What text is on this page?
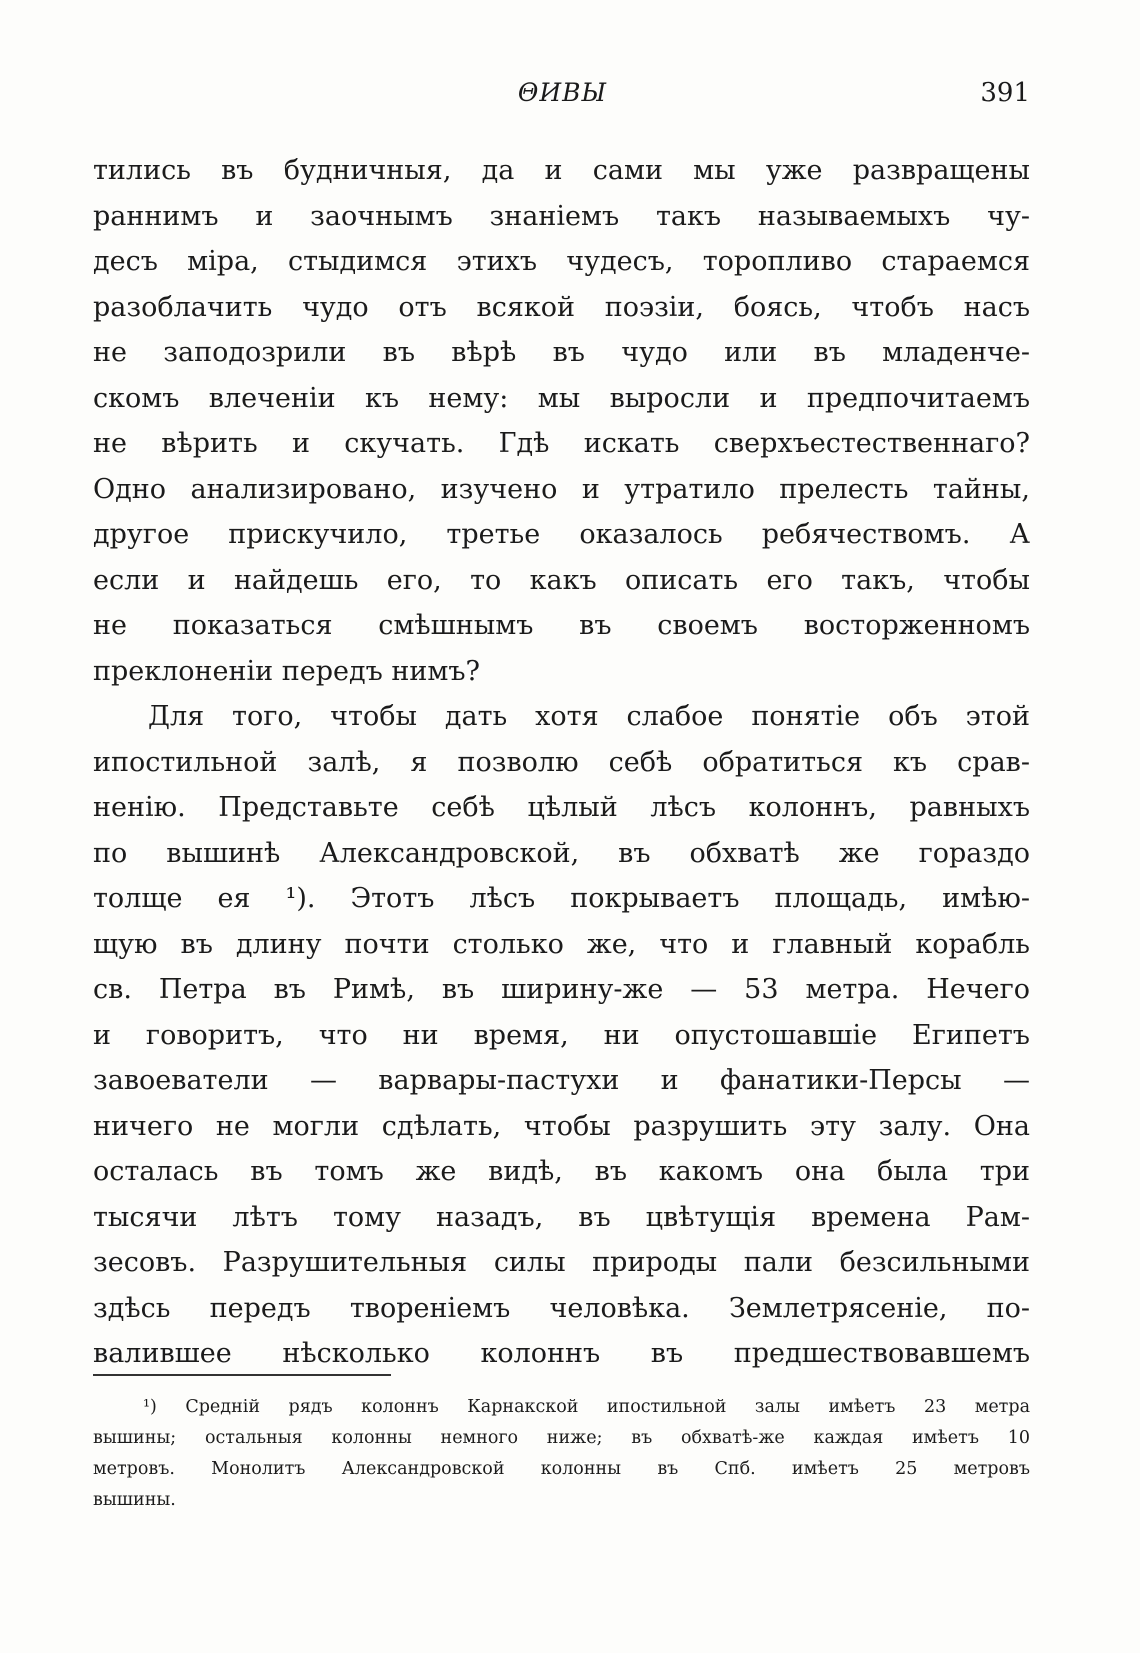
ΘИВЫ	391
тились въ будничныя, да и сами мы уже развращены
раннимъ и заочнымъ знаніемъ такъ называемыхъ чу-
десъ міра, стыдимся этихъ чудесъ, торопливо стараемся
разоблачить чудо отъ всякой поэзіи, боясь, чтобъ насъ
не заподозрили въ вѣрѣ въ чудо или въ младенче-
скомъ влеченіи къ нему: мы выросли и предпочитаемъ
не вѣрить и скучать. Гдѣ искать сверхъестественнаго?
Одно анализировано, изучено и утратило прелесть тайны,
другое прискучило, третье оказалось ребячествомъ. А
если и найдешь его, то какъ описать его такъ, чтобы
не показаться смѣшнымъ въ своемъ восторженномъ
преклоненіи передъ нимъ?
Для того, чтобы дать хотя слабое понятіе объ этой
ипостильной залѣ, я позволю себѣ обратиться къ срав-
ненію. Представьте себѣ цѣлый лѣсъ колоннъ, равныхъ
по вышинѣ Александровской, въ обхватѣ же гораздо
толще ея ¹). Этотъ лѣсъ покрываетъ площадь, имѣю-
щую въ длину почти столько же, что и главный корабль
св. Петра въ Римѣ, въ ширину-же — 53 метра. Нечего
и говоритъ, что ни время, ни опустошавшіе Египетъ
завоеватели — варвары-пастухи и фанатики-Персы —
ничего не могли сдѣлать, чтобы разрушить эту залу. Она
осталась въ томъ же видѣ, въ какомъ она была три
тысячи лѣтъ тому назадъ, въ цвѣтущія времена Рам-
зесовъ. Разрушительныя силы природы пали безсильными
здѣсь передъ твореніемъ человѣка. Землетрясеніе, по-
валившее нѣсколько колоннъ въ предшествовавшемъ
¹) Средній рядъ колоннъ Карнакской ипостильной залы имѣетъ 23 метра
вышины; остальныя колонны немного ниже; въ обхватѣ-же каждая имѣетъ 10
метровъ. Монолитъ Александровской колонны въ Спб. имѣетъ 25 метровъ
вышины.
